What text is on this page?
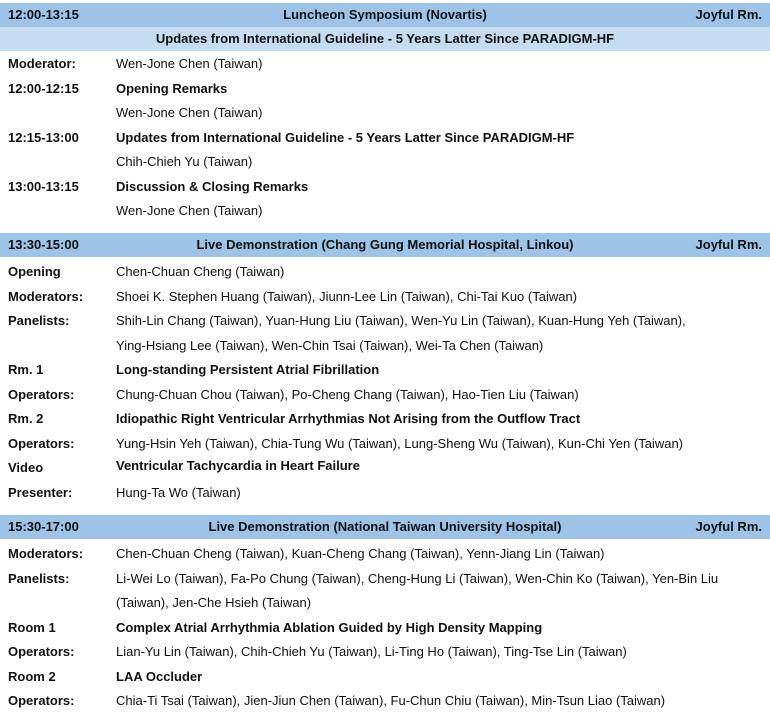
12:00-13:15	Luncheon Symposium (Novartis)	Joyful Rm.
Updates from International Guideline - 5 Years Latter Since PARADIGM-HF
Moderator:	Wen-Jone Chen (Taiwan)
12:00-12:15	Opening Remarks
Wen-Jone Chen (Taiwan)
12:15-13:00	Updates from International Guideline - 5 Years Latter Since PARADIGM-HF
Chih-Chieh Yu (Taiwan)
13:00-13:15	Discussion & Closing Remarks
Wen-Jone Chen (Taiwan)
13:30-15:00	Live Demonstration (Chang Gung Memorial Hospital, Linkou)	Joyful Rm.
Opening	Chen-Chuan Cheng (Taiwan)
Moderators:	Shoei K. Stephen Huang (Taiwan), Jiunn-Lee Lin (Taiwan), Chi-Tai Kuo (Taiwan)
Panelists:	Shih-Lin Chang (Taiwan), Yuan-Hung Liu (Taiwan), Wen-Yu Lin (Taiwan), Kuan-Hung Yeh (Taiwan),
Ying-Hsiang Lee (Taiwan), Wen-Chin Tsai (Taiwan), Wei-Ta Chen (Taiwan)
Rm. 1	Long-standing Persistent Atrial Fibrillation
Operators:	Chung-Chuan Chou (Taiwan), Po-Cheng Chang (Taiwan), Hao-Tien Liu (Taiwan)
Rm. 2	Idiopathic Right Ventricular Arrhythmias Not Arising from the Outflow Tract
Operators:	Yung-Hsin Yeh (Taiwan), Chia-Tung Wu (Taiwan), Lung-Sheng Wu (Taiwan), Kun-Chi Yen (Taiwan)
Video	Ventricular Tachycardia in Heart Failure
Presenter:	Hung-Ta Wo (Taiwan)
15:30-17:00	Live Demonstration (National Taiwan University Hospital)	Joyful Rm.
Moderators:	Chen-Chuan Cheng (Taiwan), Kuan-Cheng Chang (Taiwan), Yenn-Jiang Lin (Taiwan)
Panelists:	Li-Wei Lo (Taiwan), Fa-Po Chung (Taiwan), Cheng-Hung Li (Taiwan), Wen-Chin Ko (Taiwan), Yen-Bin Liu
(Taiwan), Jen-Che Hsieh (Taiwan)
Room 1	Complex Atrial Arrhythmia Ablation Guided by High Density Mapping
Operators:	Lian-Yu Lin (Taiwan), Chih-Chieh Yu (Taiwan), Li-Ting Ho (Taiwan), Ting-Tse Lin (Taiwan)
Room 2	LAA Occluder
Operators:	Chia-Ti Tsai (Taiwan), Jien-Jiun Chen (Taiwan), Fu-Chun Chiu (Taiwan), Min-Tsun Liao (Taiwan)
